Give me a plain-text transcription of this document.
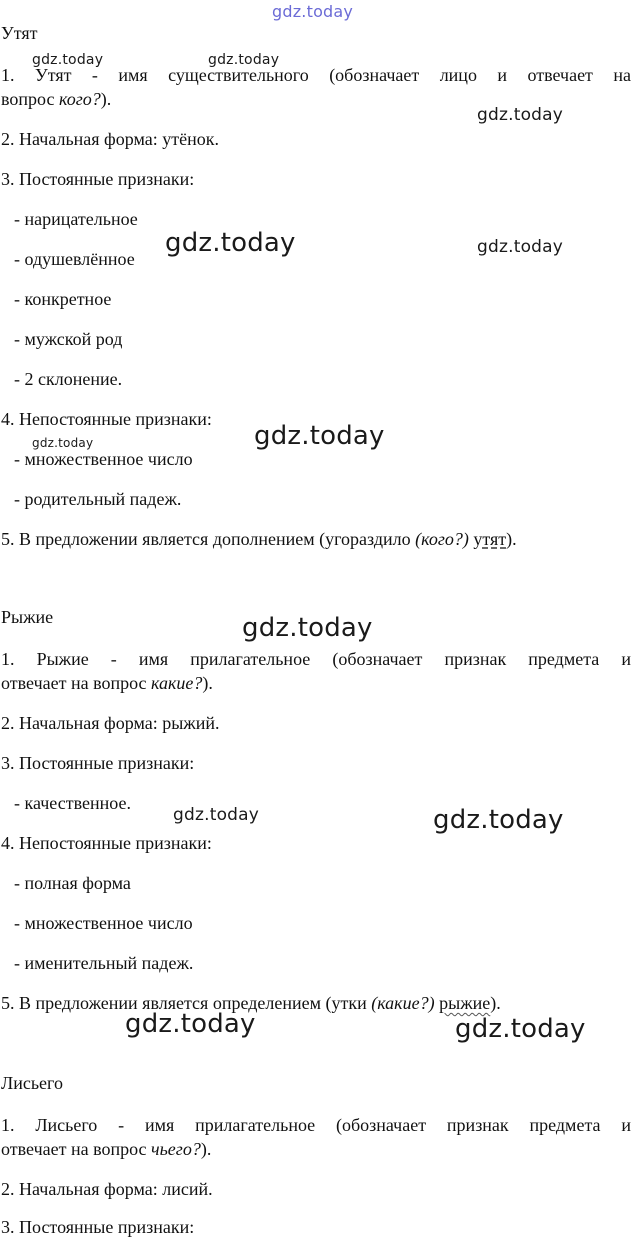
gdz.today
gdz.today	gdz.today
gdz.today
gdz.today	gdz.today
gdz.today	gdz.today
gdz.today
gdz.today	gdz.today
gdz.today	gdz.today
Утят
1. Утят - имя существительного (обозначает лицо и отвечает на
вопрос кого?).
2. Начальная форма: утёнок.
3. Постоянные признаки:
- нарицательное
- одушевлённое
- конкретное
- мужской род
- 2 склонение.
4. Непостоянные признаки:
- множественное число
- родительный падеж.
5. В предложении является дополнением (угораздило (кого?) утят).
Рыжие
1. Рыжие - имя прилагательное (обозначает признак предмета и
отвечает на вопрос какие?).
2. Начальная форма: рыжий.
3. Постоянные признаки:
- качественное.
4. Непостоянные признаки:
- полная форма
- множественное число
- именительный падеж.
5. В предложении является определением (утки (какие?) рыжие).
Лисьего
1. Лисьего - имя прилагательное (обозначает признак предмета и
отвечает на вопрос чьего?).
2. Начальная форма: лисий.
3. Постоянные признаки:
